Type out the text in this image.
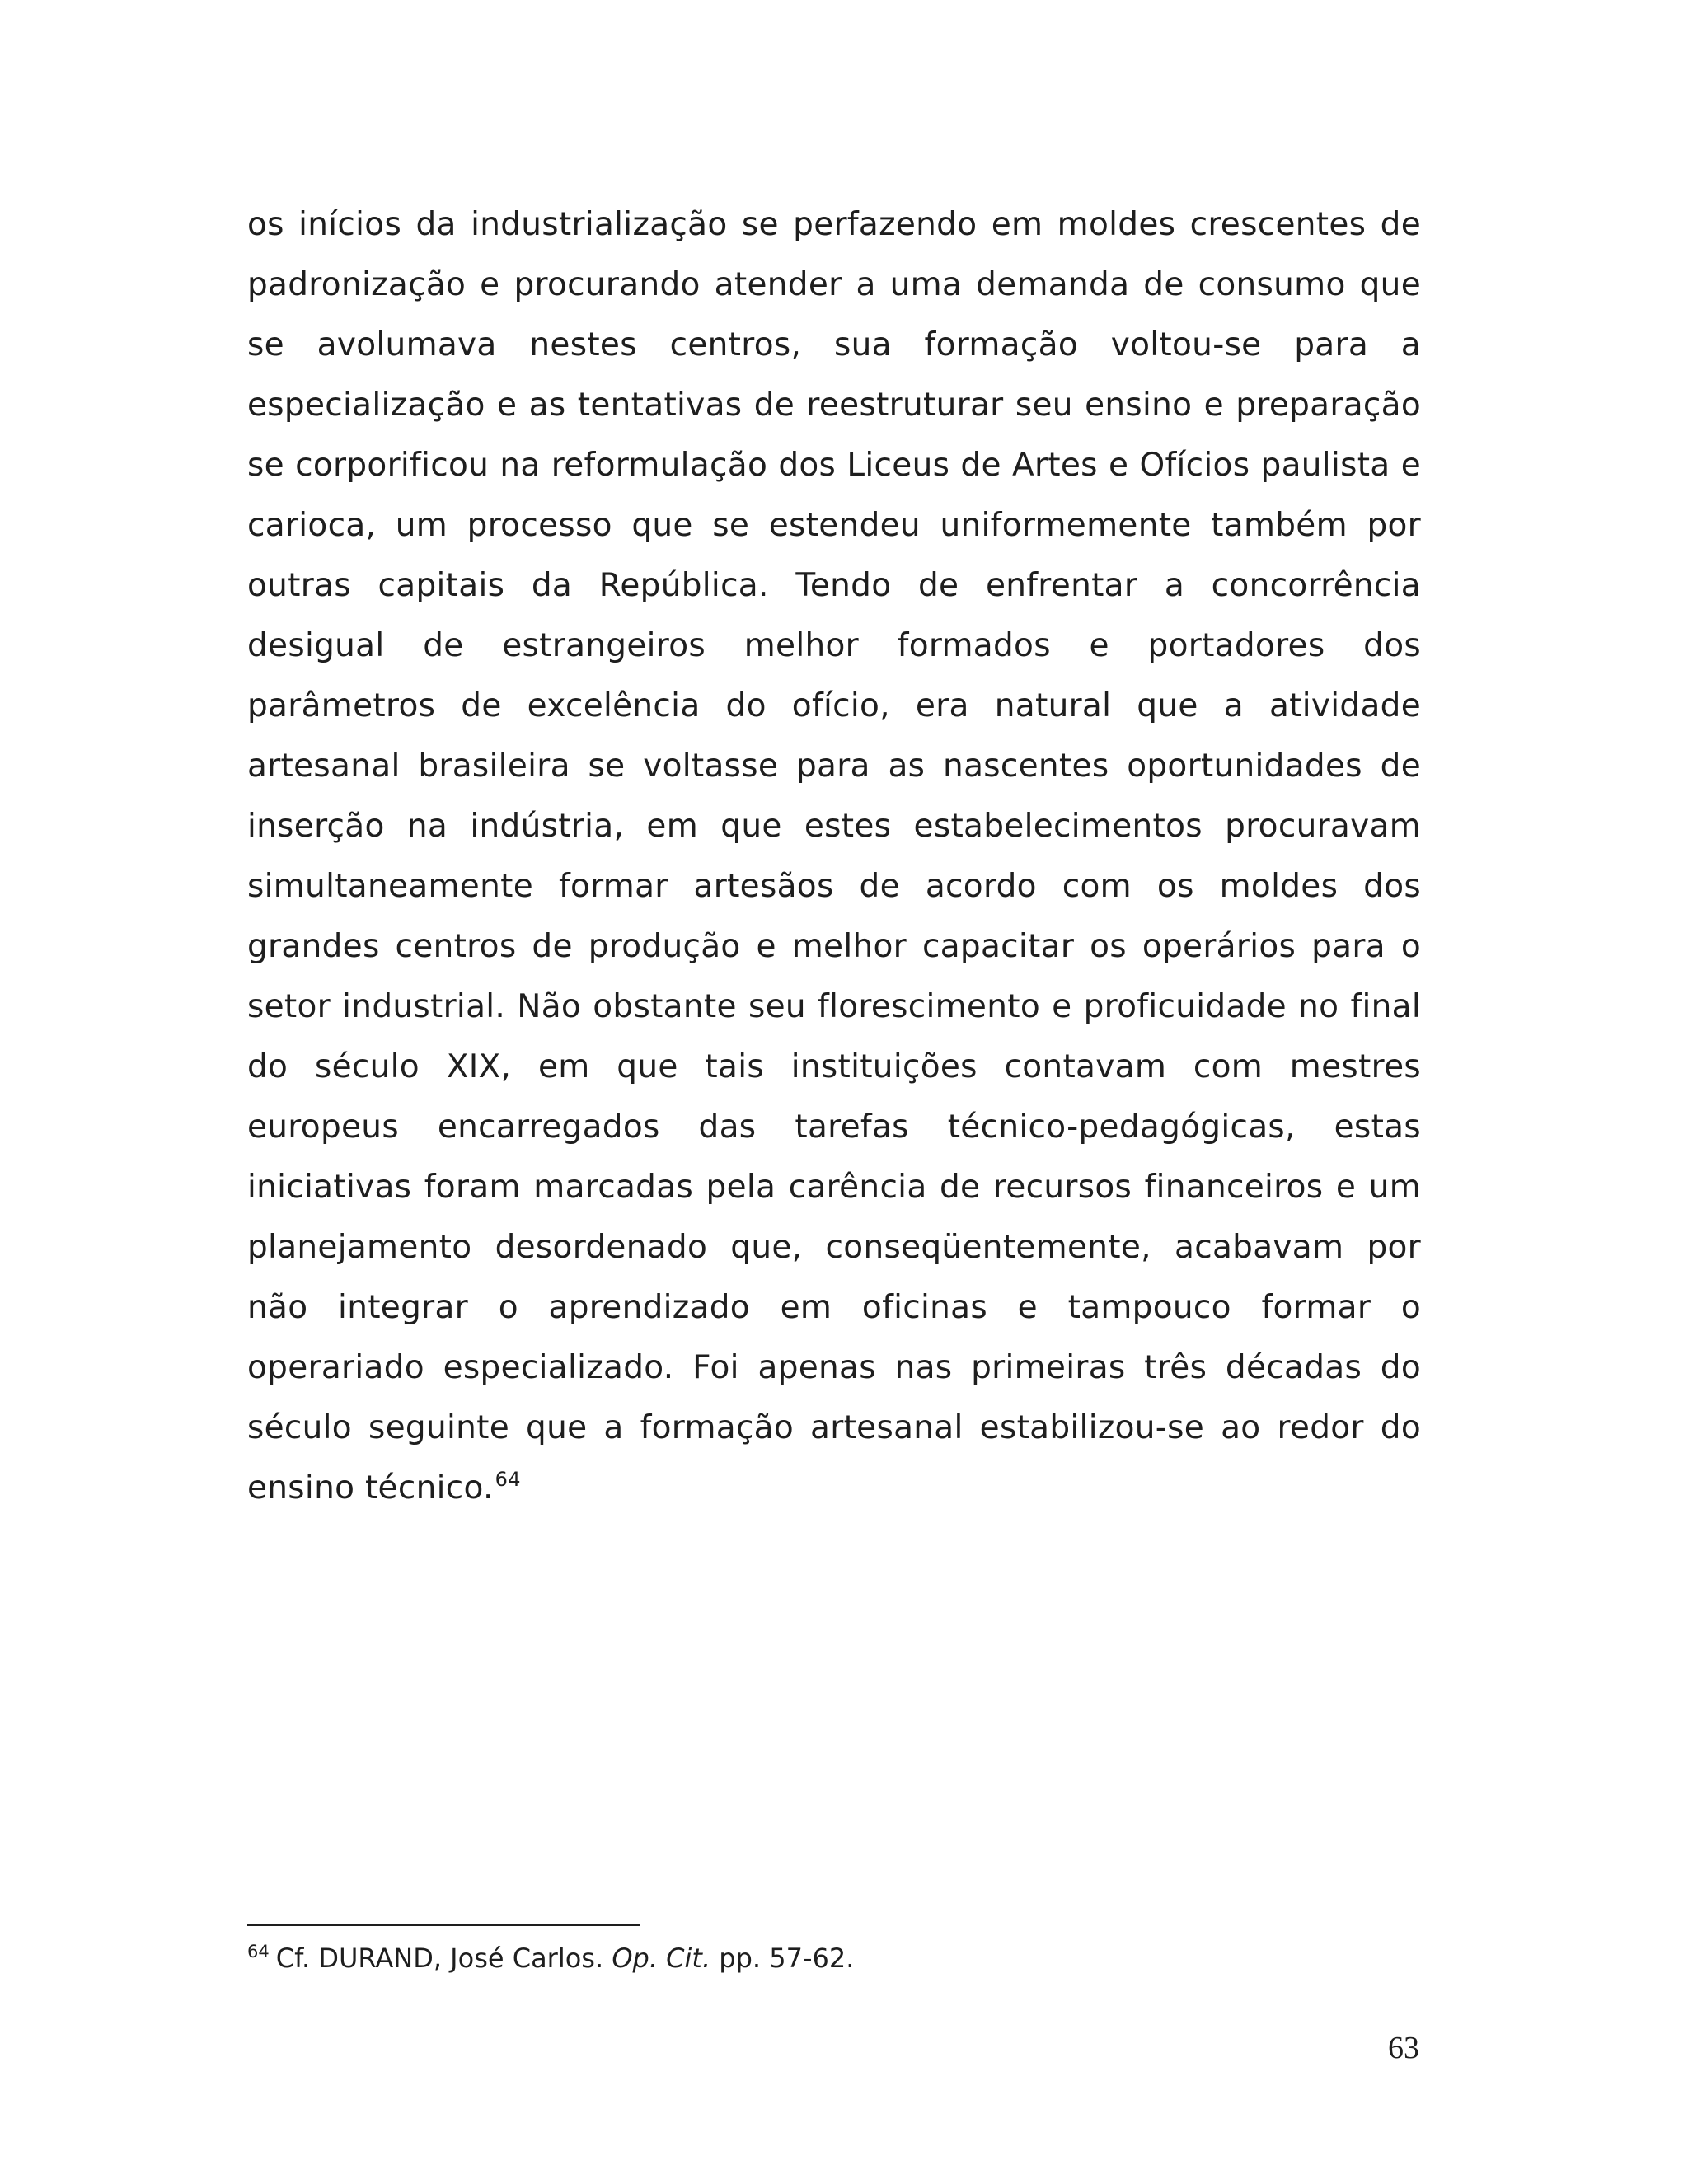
os inícios da industrialização se perfazendo em moldes crescentes de
padronização e procurando atender a uma demanda de consumo que
se avolumava nestes centros, sua formação voltou-se para a
especialização e as tentativas de reestruturar seu ensino e preparação
se corporificou na reformulação dos Liceus de Artes e Ofícios paulista e
carioca, um processo que se estendeu uniformemente também por
outras capitais da República. Tendo de enfrentar a concorrência
desigual de estrangeiros melhor formados e portadores dos
parâmetros de excelência do ofício, era natural que a atividade
artesanal brasileira se voltasse para as nascentes oportunidades de
inserção na indústria, em que estes estabelecimentos procuravam
simultaneamente formar artesãos de acordo com os moldes dos
grandes centros de produção e melhor capacitar os operários para o
setor industrial. Não obstante seu florescimento e proficuidade no final
do século XIX, em que tais instituições contavam com mestres
europeus encarregados das tarefas técnico-pedagógicas, estas
iniciativas foram marcadas pela carência de recursos financeiros e um
planejamento desordenado que, conseqüentemente, acabavam por
não integrar o aprendizado em oficinas e tampouco formar o
operariado especializado. Foi apenas nas primeiras três décadas do
século seguinte que a formação artesanal estabilizou-se ao redor do
ensino técnico.$^{64}$

$^{64}$ Cf. DURAND, José Carlos. Op. Cit. pp. 57-62.

63
